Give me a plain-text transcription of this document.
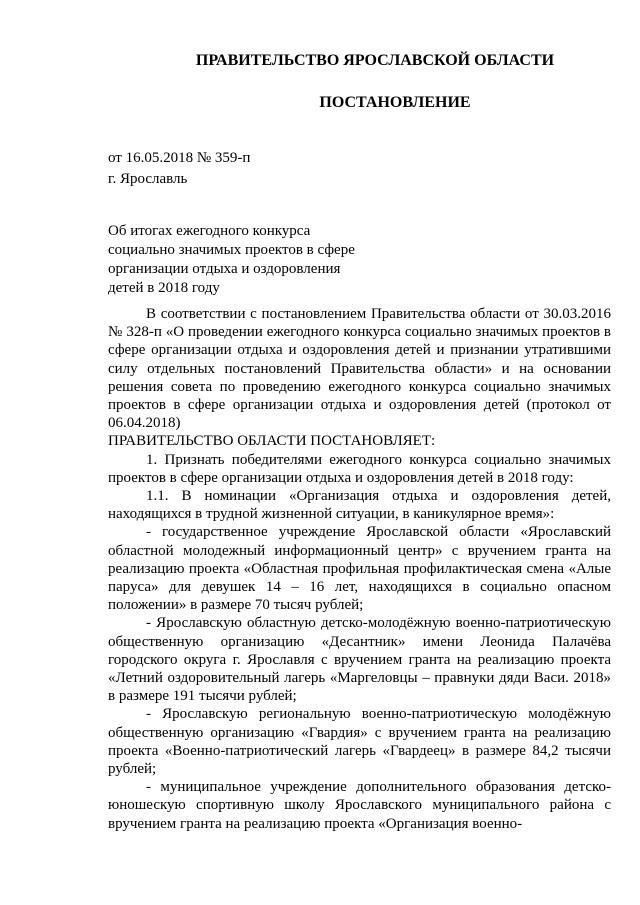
ПРАВИТЕЛЬСТВО ЯРОСЛАВСКОЙ ОБЛАСТИ
ПОСТАНОВЛЕНИЕ
от 16.05.2018 № 359-п
г. Ярославль
Об итогах ежегодного конкурса социально значимых проектов в сфере организации отдыха и оздоровления детей в 2018 году

В соответствии с постановлением Правительства области от 30.03.2016 № 328-п «О проведении ежегодного конкурса социально значимых проектов в сфере организации отдыха и оздоровления детей и признании утратившими силу отдельных постановлений Правительства области» и на основании решения совета по проведению ежегодного конкурса социально значимых проектов в сфере организации отдыха и оздоровления детей (протокол от 06.04.2018)

ПРАВИТЕЛЬСТВО ОБЛАСТИ ПОСТАНОВЛЯЕТ:

1. Признать победителями ежегодного конкурса социально значимых проектов в сфере организации отдыха и оздоровления детей в 2018 году:

1.1. В номинации «Организация отдыха и оздоровления детей, находящихся в трудной жизненной ситуации, в каникулярное время»:

- государственное учреждение Ярославской области «Ярославский областной молодежный информационный центр» с вручением гранта на реализацию проекта «Областная профильная профилактическая смена «Алые паруса» для девушек 14 – 16 лет, находящихся в социально опасном положении» в размере 70 тысяч рублей;

- Ярославскую областную детско-молодёжную военно-патриотическую общественную организацию «Десантник» имени Леонида Палачёва городского округа г. Ярославля с вручением гранта на реализацию проекта «Летний оздоровительный лагерь «Маргеловцы – правнуки дяди Васи. 2018» в размере 191 тысячи рублей;

- Ярославскую региональную военно-патриотическую молодёжную общественную организацию «Гвардия» с вручением гранта на реализацию проекта «Военно-патриотический лагерь «Гвардеец» в размере 84,2 тысячи рублей;

- муниципальное учреждение дополнительного образования детско-юношескую спортивную школу Ярославского муниципального района с вручением гранта на реализацию проекта «Организация военно-
